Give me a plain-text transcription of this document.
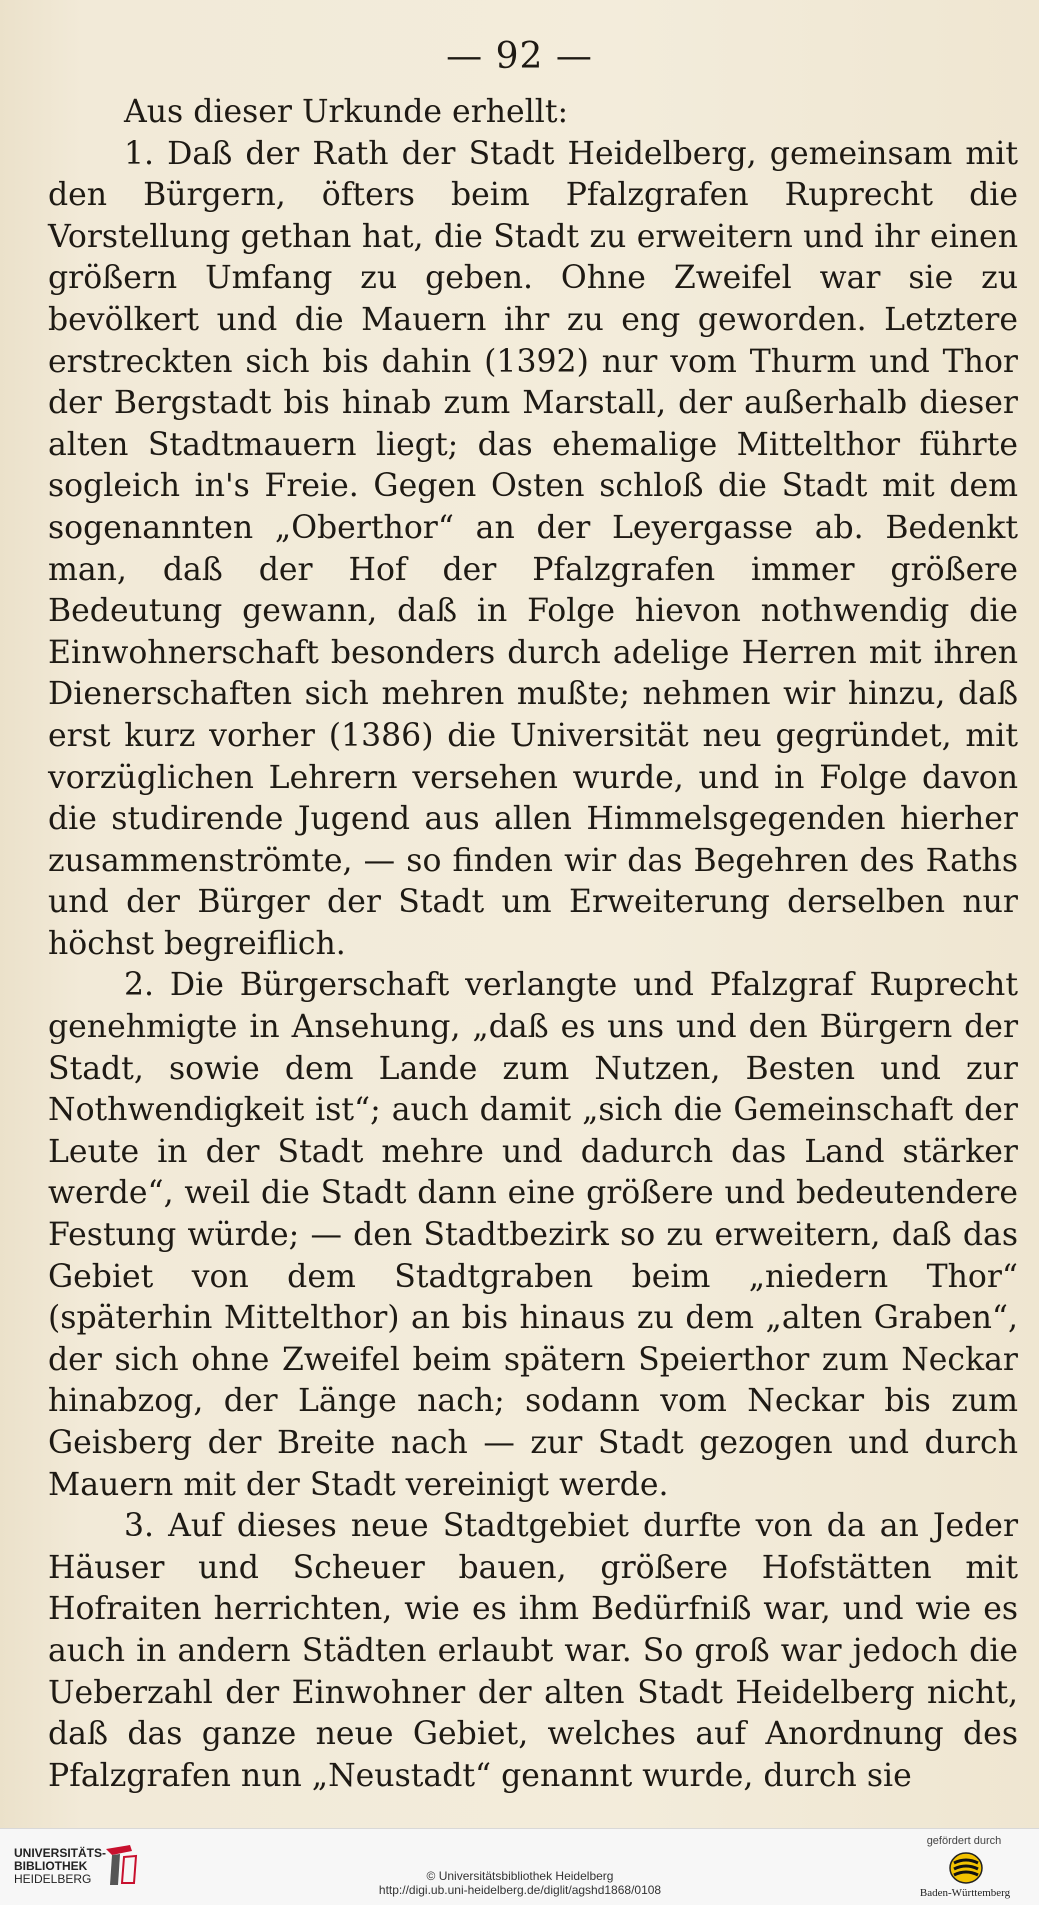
— 92 —

Aus dieser Urkunde erhellt:

1. Daß der Rath der Stadt Heidelberg, gemeinsam mit den Bürgern, öfters beim Pfalzgrafen Ruprecht die Vorstellung gethan hat, die Stadt zu erweitern und ihr einen größern Umfang zu geben. Ohne Zweifel war sie zu bevölkert und die Mauern ihr zu eng geworden. Letztere erstreckten sich bis dahin (1392) nur vom Thurm und Thor der Bergstadt bis hinab zum Marstall, der außerhalb dieser alten Stadtmauern liegt; das ehemalige Mittelthor führte sogleich in's Freie. Gegen Osten schloß die Stadt mit dem sogenannten „Oberthor“ an der Leyergasse ab. Bedenkt man, daß der Hof der Pfalzgrafen immer größere Bedeutung gewann, daß in Folge hievon nothwendig die Einwohnerschaft besonders durch adelige Herren mit ihren Dienerschaften sich mehren mußte; nehmen wir hinzu, daß erst kurz vorher (1386) die Universität neu gegründet, mit vorzüglichen Lehrern versehen wurde, und in Folge davon die studirende Jugend aus allen Himmelsgegenden hierher zusammenströmte, — so finden wir das Begehren des Raths und der Bürger der Stadt um Erweiterung derselben nur höchst begreiflich.

2. Die Bürgerschaft verlangte und Pfalzgraf Ruprecht genehmigte in Ansehung, „daß es uns und den Bürgern der Stadt, sowie dem Lande zum Nutzen, Besten und zur Nothwendigkeit ist“; auch damit „sich die Gemeinschaft der Leute in der Stadt mehre und dadurch das Land stärker werde“, weil die Stadt dann eine größere und bedeutendere Festung würde; — den Stadtbezirk so zu erweitern, daß das Gebiet von dem Stadtgraben beim „niedern Thor“ (späterhin Mittelthor) an bis hinaus zu dem „alten Graben“, der sich ohne Zweifel beim spätern Speierthor zum Neckar hinabzog, der Länge nach; sodann vom Neckar bis zum Geisberg der Breite nach — zur Stadt gezogen und durch Mauern mit der Stadt vereinigt werde.

3. Auf dieses neue Stadtgebiet durfte von da an Jeder Häuser und Scheuer bauen, größere Hofstätten mit Hofraiten herrichten, wie es ihm Bedürfniß war, und wie es auch in andern Städten erlaubt war. So groß war jedoch die Ueberzahl der Einwohner der alten Stadt Heidelberg nicht, daß das ganze neue Gebiet, welches auf Anordnung des Pfalzgrafen nun „Neustadt“ genannt wurde, durch sie

UNIVERSITÄTS-
BIBLIOTHEK
HEIDELBERG	© Universitätsbibliothek Heidelberg
http://digi.ub.uni-heidelberg.de/diglit/agshd1868/0108
gefördert durch
Baden-Württemberg
